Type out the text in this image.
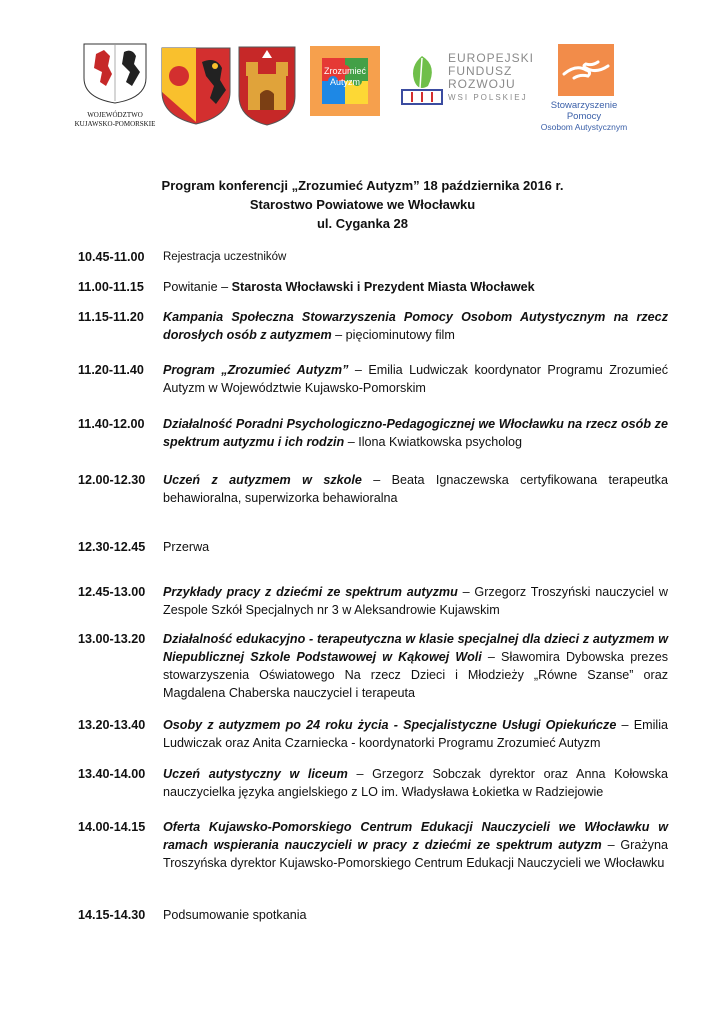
WOJEWÓDZTWO
KUJAWSKO-POMORSKIE
Zrozumieć
Autyzm
EUROPEJSKI
FUNDUSZ
ROZWOJU
WSI POLSKIEJ
Stowarzyszenie Pomocy
Osobom Autystycznym
Program konferencji „Zrozumieć Autyzm” 18 października 2016 r.
Starostwo Powiatowe we Włocławku
ul. Cyganka 28
10.45-11.00	Rejestracja uczestników
11.00-11.15	Powitanie – Starosta Włocławski i Prezydent Miasta Włocławek
11.15-11.20	Kampania Społeczna Stowarzyszenia Pomocy Osobom Autystycznym na rzecz dorosłych osób z autyzmem – pięciominutowy film
11.20-11.40	Program „Zrozumieć Autyzm” – Emilia Ludwiczak koordynator Programu Zrozumieć Autyzm w Województwie Kujawsko-Pomorskim
11.40-12.00	Działalność Poradni Psychologiczno-Pedagogicznej we Włocławku na rzecz osób ze spektrum autyzmu i ich rodzin – Ilona Kwiatkowska psycholog
12.00-12.30	Uczeń z autyzmem w szkole – Beata Ignaczewska certyfikowana terapeutka behawioralna, superwizorka behawioralna
12.30-12.45	Przerwa
12.45-13.00	Przykłady pracy z dziećmi ze spektrum autyzmu – Grzegorz Troszyński nauczyciel w Zespole Szkół Specjalnych nr 3 w Aleksandrowie Kujawskim
13.00-13.20	Działalność edukacyjno - terapeutyczna w klasie specjalnej dla dzieci z autyzmem w Niepublicznej Szkole Podstawowej w Kąkowej Woli – Sławomira Dybowska prezes stowarzyszenia Oświatowego Na rzecz Dzieci i Młodzieży „Równe Szanse” oraz Magdalena Chaberska nauczyciel i terapeuta
13.20-13.40	Osoby z autyzmem po 24 roku życia - Specjalistyczne Usługi Opiekuńcze – Emilia Ludwiczak oraz Anita Czarniecka - koordynatorki Programu Zrozumieć Autyzm
13.40-14.00	Uczeń autystyczny w liceum – Grzegorz Sobczak dyrektor oraz Anna Kołowska nauczycielka języka angielskiego z LO im. Władysława Łokietka w Radziejowie
14.00-14.15	Oferta Kujawsko-Pomorskiego Centrum Edukacji Nauczycieli we Włocławku w ramach wspierania nauczycieli w pracy z dziećmi ze spektrum autyzm – Grażyna Troszyńska dyrektor Kujawsko-Pomorskiego Centrum Edukacji Nauczycieli we Włocławku
14.15-14.30	Podsumowanie spotkania
